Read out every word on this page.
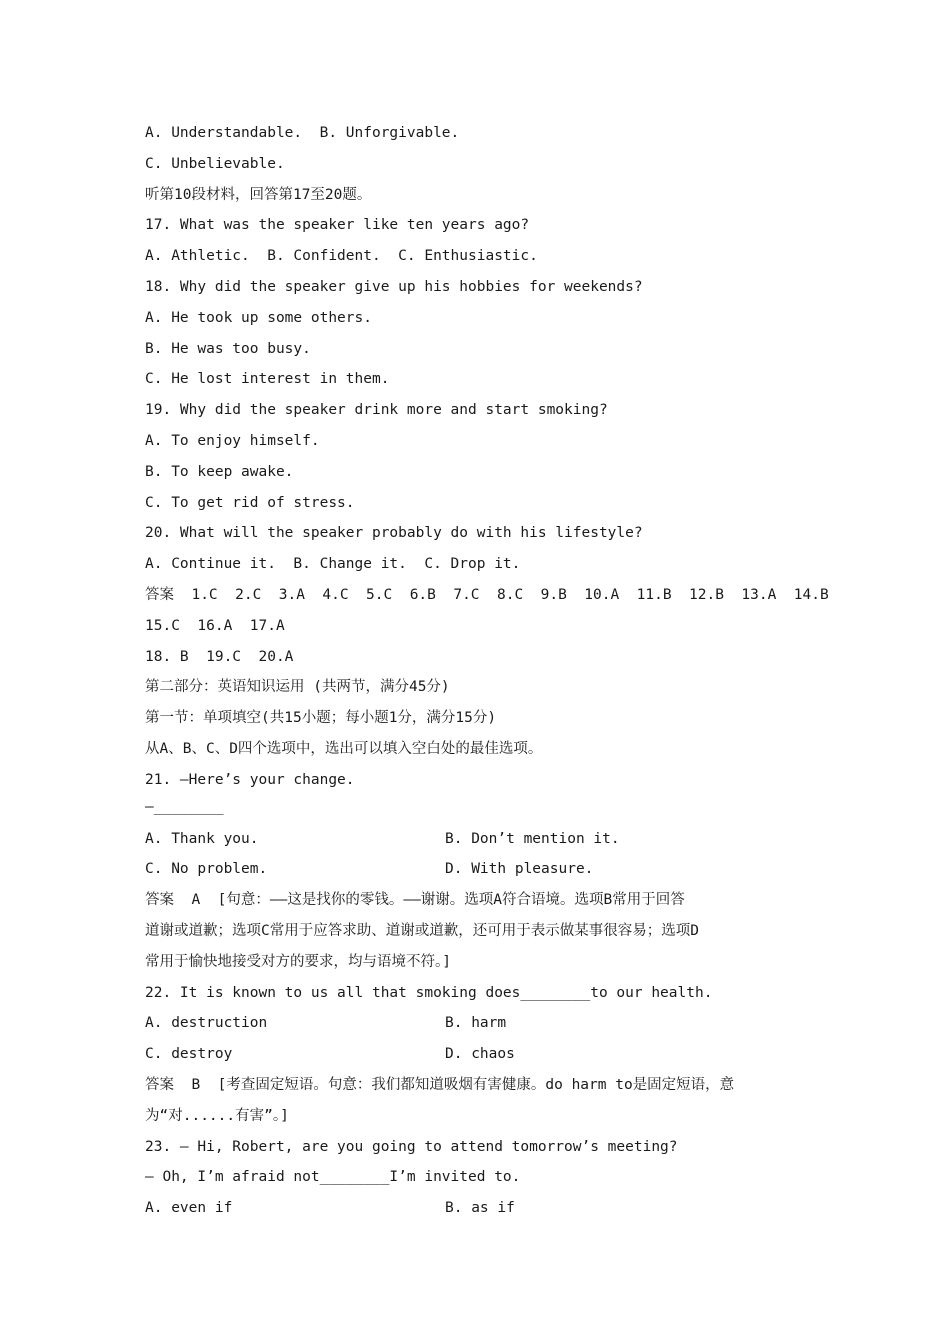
A. Understandable.  B. Unforgivable.
C. Unbelievable.
听第10段材料，回答第17至20题。
17. What was the speaker like ten years ago?
A. Athletic.  B. Confident.  C. Enthusiastic.
18. Why did the speaker give up his hobbies for weekends?
A. He took up some others.
B. He was too busy.
C. He lost interest in them.
19. Why did the speaker drink more and start smoking?
A. To enjoy himself.
B. To keep awake.
C. To get rid of stress.
20. What will the speaker probably do with his lifestyle?
A. Continue it.  B. Change it.  C. Drop it.
答案  1.C  2.C  3.A  4.C  5.C  6.B  7.C  8.C  9.B  10.A  11.B  12.B  13.A  14.B
15.C  16.A  17.A
18. B  19.C  20.A
第二部分：英语知识运用 (共两节，满分45分)
第一节：单项填空(共15小题；每小题1分，满分15分)
从A、B、C、D四个选项中，选出可以填入空白处的最佳选项。
21. —Here’s your change.
—________
A. Thank you.	B. Don’t mention it.
C. No problem.	D. With pleasure.
答案  A  [句意：——这是找你的零钱。——谢谢。选项A符合语境。选项B常用于回答
道谢或道歉；选项C常用于应答求助、道谢或道歉，还可用于表示做某事很容易；选项D
常用于愉快地接受对方的要求，均与语境不符。]
22. It is known to us all that smoking does________to our health.
A. destruction	B. harm
C. destroy	D. chaos
答案  B  [考查固定短语。句意：我们都知道吸烟有害健康。do harm to是固定短语，意
为“对......有害”。]
23. — Hi, Robert, are you going to attend tomorrow’s meeting?
— Oh, I’m afraid not________I’m invited to.
A. even if	B. as if
